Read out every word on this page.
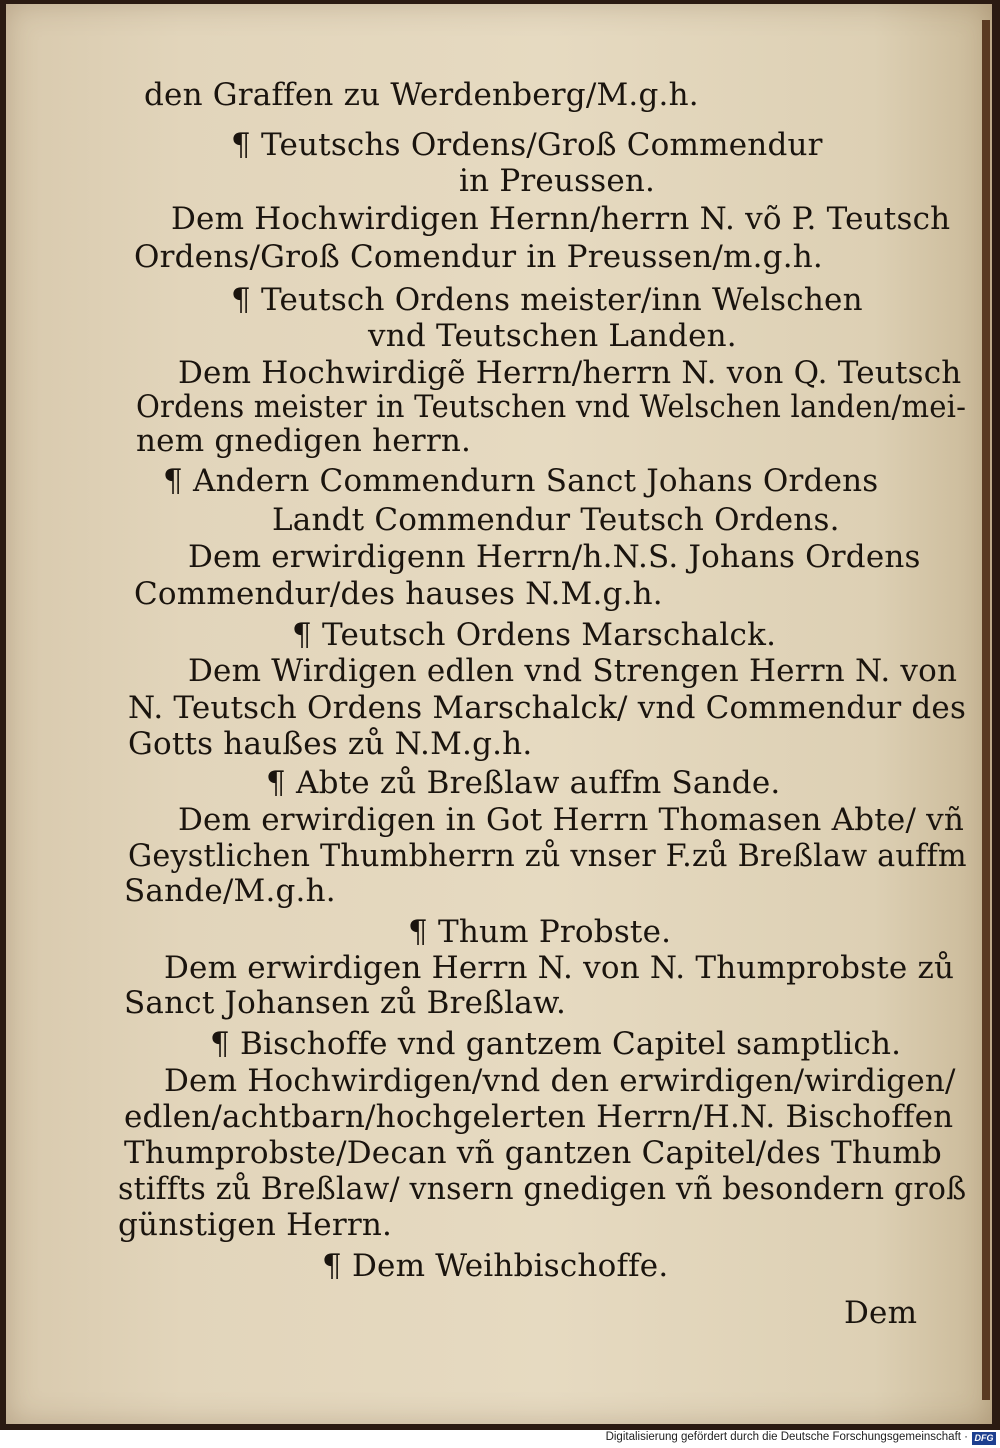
den Graffen zu Werdenberg/M.g.h.
¶ Teutschs Ordens/Groß Commendur
in Preussen.
Dem Hochwirdigen Hernn/herrn N. võ P. Teutsch
Ordens/Groß Comendur in Preussen/m.g.h.
¶ Teutsch Ordens meister/inn Welschen
vnd Teutschen Landen.
Dem Hochwirdigẽ Herrn/herrn N. von Q. Teutsch
Ordens meister in Teutschen vnd Welschen landen/mei-
nem gnedigen herrn.
¶ Andern Commendurn Sanct Johans Ordens
Landt Commendur Teutsch Ordens.
Dem erwirdigenn Herrn/h.N.S. Johans Ordens
Commendur/des hauses N.M.g.h.
¶ Teutsch Ordens Marschalck.
Dem Wirdigen edlen vnd Strengen Herrn N. von
N. Teutsch Ordens Marschalck/ vnd Commendur des
Gotts haußes zů N.M.g.h.
¶ Abte zů Breßlaw auffm Sande.
Dem erwirdigen in Got Herrn Thomasen Abte/ vñ
Geystlichen Thumbherrn zů vnser F.zů Breßlaw auffm
Sande/M.g.h.
¶ Thum Probste.
Dem erwirdigen Herrn N. von N. Thumprobste zů
Sanct Johansen zů Breßlaw.
¶ Bischoffe vnd gantzem Capitel samptlich.
Dem Hochwirdigen/vnd den erwirdigen/wirdigen/
edlen/achtbarn/hochgelerten Herrn/H.N. Bischoffen
Thumprobste/Decan vñ gantzen Capitel/des Thumb
stiffts zů Breßlaw/ vnsern gnedigen vñ besondern groß
günstigen Herrn.
¶ Dem Weihbischoffe.
Dem
Digitalisierung gefördert durch die Deutsche Forschungsgemeinschaft · DFG
